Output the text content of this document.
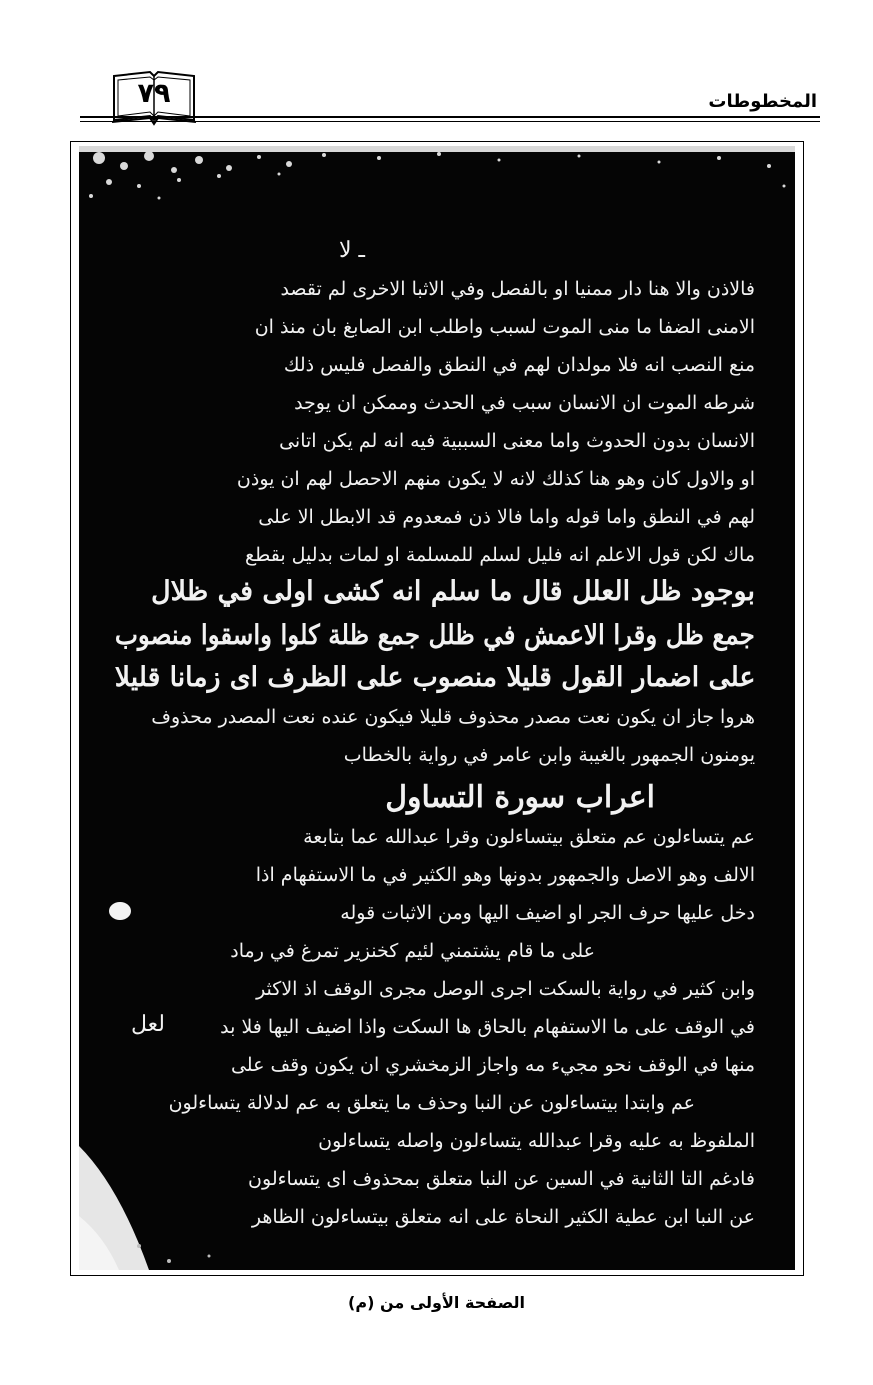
٧٩	المخطوطات
ـ لا
فالاذن والا هنا دار ممنيا او بالفصل وفي الاثبا الاخرى لم تقصد
الامنى الضفا ما منى الموت لسبب واطلب ابن الصابغ بان منذ ان
منع النصب انه فلا مولدان لهم في النطق والفصل فليس ذلك
شرطه الموت ان الانسان سبب في الحدث وممكن ان يوجد
الانسان بدون الحدوث واما معنى السببية فيه انه لم يكن اتانى
او والاول كان وهو هنا كذلك لانه لا يكون منهم الاحصل لهم ان يوذن
لهم في النطق واما قوله واما فالا ذن فمعدوم قد الابطل الا على
ماك لكن قول الاعلم انه فليل لسلم للمسلمة او لمات بدليل بقطع
بوجود ظل العلل قال ما سلم انه كشى اولى في ظلال
جمع ظل وقرا الاعمش في ظلل جمع ظلة كلوا واسقوا منصوب
على اضمار القول قليلا منصوب على الظرف اى زمانا قليلا
هروا جاز ان يكون نعت مصدر محذوف قليلا فيكون عنده نعت المصدر محذوف
يومنون الجمهور بالغيبة وابن عامر في رواية بالخطاب
اعراب سورة التساول
عم يتساءلون عم متعلق بيتساءلون وقرا عبدالله عما بتابعة
الالف وهو الاصل والجمهور بدونها وهو الكثير في ما الاستفهام اذا
دخل عليها حرف الجر او اضيف اليها ومن الاثبات قوله
على ما قام يشتمني لئيم كخنزير تمرغ في رماد
وابن كثير في رواية بالسكت اجرى الوصل مجرى الوقف اذ الاكثر
في الوقف على ما الاستفهام بالحاق ها السكت واذا اضيف اليها فلا بد
منها في الوقف نحو مجيء مه واجاز الزمخشري ان يكون وقف على
عم وابتدا بيتساءلون عن النبا وحذف ما يتعلق به عم لدلالة يتساءلون
الملفوظ به عليه وقرا عبدالله يتساءلون واصله يتساءلون
فادغم التا الثانية في السين عن النبا متعلق بمحذوف اى يتساءلون
عن النبا ابن عطية الكثير النحاة على انه متعلق بيتساءلون الظاهر
لعل
الصفحة الأولى من (م)
